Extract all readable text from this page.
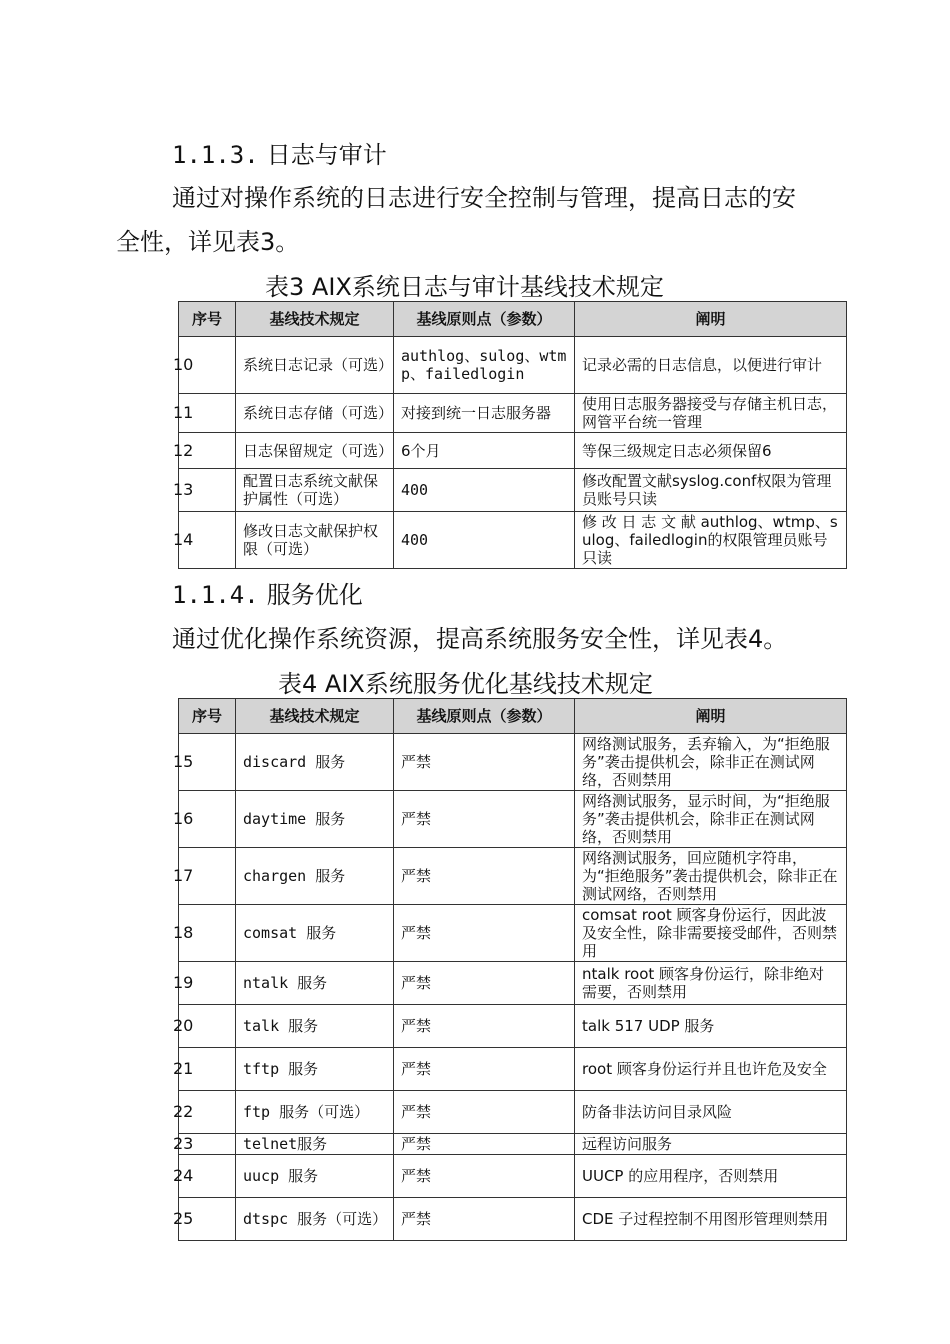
1.1.3. 日志与审计
通过对操作系统的日志进行安全控制与管理，提高日志的安
全性，详见表3。
表3 AIX系统日志与审计基线技术规定
序号	基线技术规定	基线原则点（参数）	阐明
10	系统日志记录（可选）	authlog、sulog、wtmp、failedlogin	记录必需的日志信息，以便进行审计
11	系统日志存储（可选）	对接到统一日志服务器	使用日志服务器接受与存储主机日志，网管平台统一管理
12	日志保留规定（可选）	6个月	等保三级规定日志必须保留6
13	配置日志系统文献保护属性（可选）	400	修改配置文献syslog.conf权限为管理员账号只读
14	修改日志文献保护权限（可选）	400	修 改 日 志 文 献 authlog、wtmp、sulog、failedlogin的权限管理员账号只读
1.1.4. 服务优化
通过优化操作系统资源，提高系统服务安全性，详见表4。
表4 AIX系统服务优化基线技术规定
序号	基线技术规定	基线原则点（参数）	阐明
15	discard 服务	严禁	网络测试服务，丢弃输入，为“拒绝服务”袭击提供机会，除非正在测试网络，否则禁用
16	daytime 服务	严禁	网络测试服务，显示时间，为“拒绝服务”袭击提供机会，除非正在测试网络，否则禁用
17	chargen 服务	严禁	网络测试服务，回应随机字符串，为“拒绝服务”袭击提供机会，除非正在测试网络，否则禁用
18	comsat 服务	严禁	comsat root 顾客身份运行，因此波及安全性，除非需要接受邮件，否则禁用
19	ntalk 服务	严禁	ntalk root 顾客身份运行，除非绝对需要，否则禁用
20	talk 服务	严禁	talk 517 UDP 服务
21	tftp 服务	严禁	root 顾客身份运行并且也许危及安全
22	ftp 服务（可选）	严禁	防备非法访问目录风险
23	telnet服务	严禁	远程访问服务
24	uucp 服务	严禁	UUCP 的应用程序，否则禁用
25	dtspc 服务（可选）	严禁	CDE 子过程控制不用图形管理则禁用
